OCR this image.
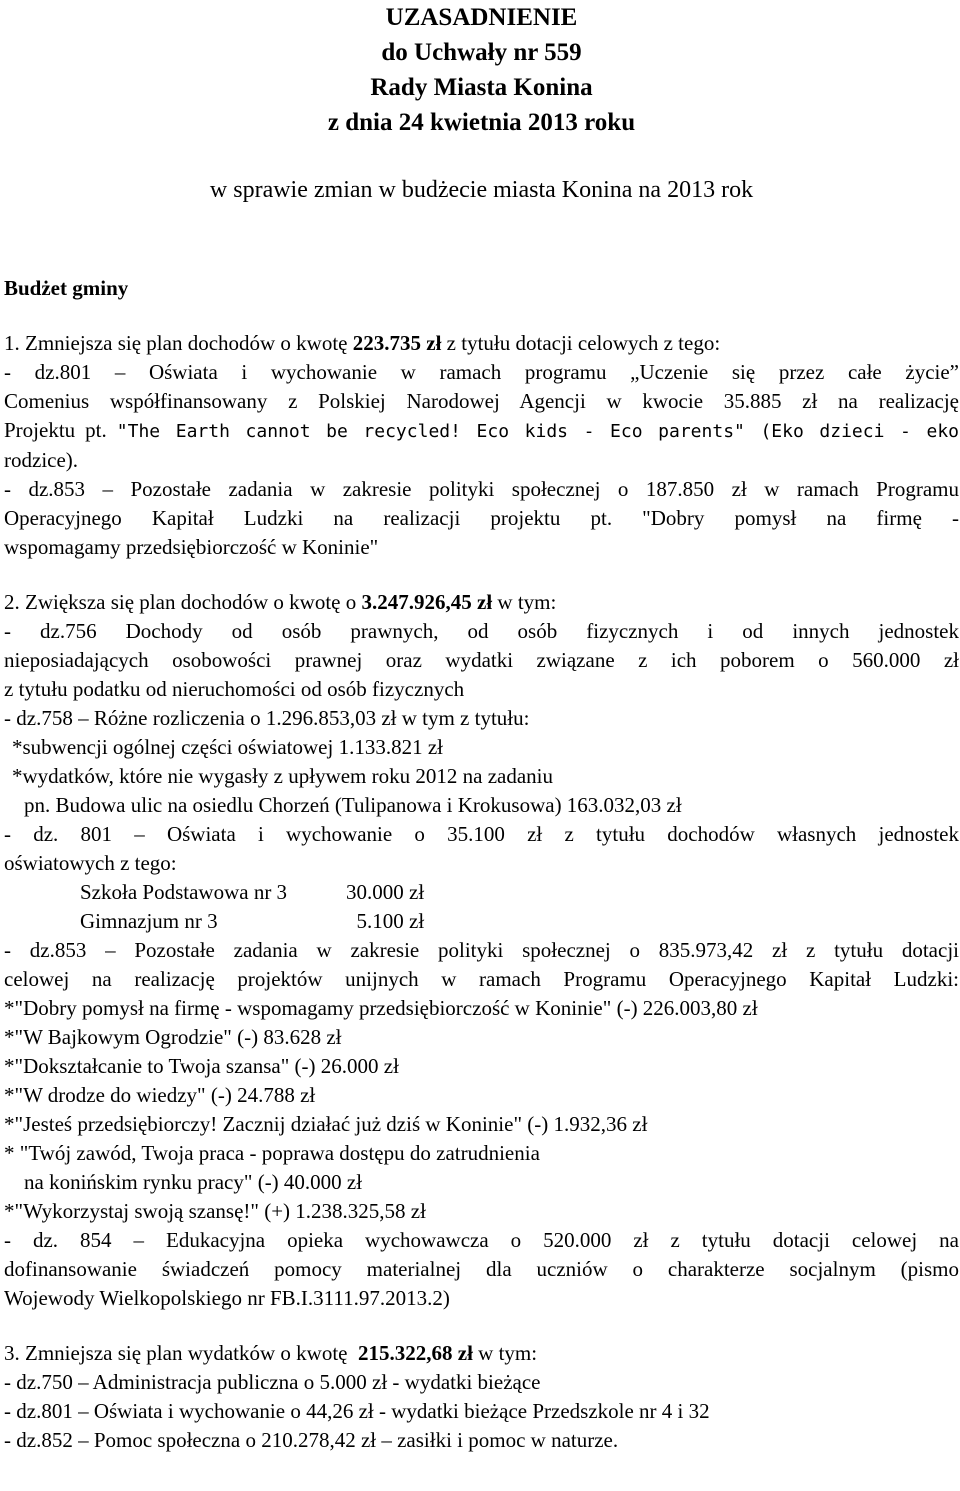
UZASADNIENIE
do Uchwały nr 559
Rady Miasta Konina
z dnia 24 kwietnia 2013 roku
w sprawie zmian w budżecie miasta Konina na 2013 rok
Budżet gminy
1. Zmniejsza się plan dochodów o kwotę 223.735 zł z tytułu dotacji celowych z tego:
- dz.801 – Oświata i wychowanie w ramach programu „Uczenie się przez całe życie”
Comenius współfinansowany z Polskiej Narodowej Agencji w kwocie 35.885 zł na realizację
Projektu pt. "The Earth cannot be recycled! Eco kids - Eco parents" (Eko dzieci - eko
rodzice).
- dz.853 – Pozostałe zadania w zakresie polityki społecznej o 187.850 zł w ramach Programu
Operacyjnego Kapitał Ludzki na realizacji projektu pt. "Dobry pomysł na firmę -
wspomagamy przedsiębiorczość w Koninie"
2. Zwiększa się plan dochodów o kwotę o 3.247.926,45 zł w tym:
- dz.756 Dochody od osób prawnych, od osób fizycznych i od innych jednostek
nieposiadających osobowości prawnej oraz wydatki związane z ich poborem o 560.000 zł
z tytułu podatku od nieruchomości od osób fizycznych
- dz.758 – Różne rozliczenia o 1.296.853,03 zł w tym z tytułu:
*subwencji ogólnej części oświatowej 1.133.821 zł
*wydatków, które nie wygasły z upływem roku 2012 na zadaniu
pn. Budowa ulic na osiedlu Chorzeń (Tulipanowa i Krokusowa) 163.032,03 zł
- dz. 801 – Oświata i wychowanie o 35.100 zł z tytułu dochodów własnych jednostek
oświatowych z tego:
Szkoła Podstawowa nr 3	30.000 zł
Gimnazjum nr 3	5.100 zł
- dz.853 – Pozostałe zadania w zakresie polityki społecznej o 835.973,42 zł z tytułu dotacji
celowej na realizację projektów unijnych w ramach Programu Operacyjnego Kapitał Ludzki:
*"Dobry pomysł na firmę - wspomagamy przedsiębiorczość w Koninie" (-) 226.003,80 zł
*"W Bajkowym Ogrodzie" (-) 83.628 zł
*"Dokształcanie to Twoja szansa" (-) 26.000 zł
*"W drodze do wiedzy" (-) 24.788 zł
*"Jesteś przedsiębiorczy! Zacznij działać już dziś w Koninie" (-) 1.932,36 zł
* "Twój zawód, Twoja praca - poprawa dostępu do zatrudnienia
na konińskim rynku pracy" (-) 40.000 zł
*"Wykorzystaj swoją szansę!" (+) 1.238.325,58 zł
- dz. 854 – Edukacyjna opieka wychowawcza o 520.000 zł z tytułu dotacji celowej na
dofinansowanie świadczeń pomocy materialnej dla uczniów o charakterze socjalnym (pismo
Wojewody Wielkopolskiego nr FB.I.3111.97.2013.2)
3. Zmniejsza się plan wydatków o kwotę  215.322,68 zł w tym:
- dz.750 – Administracja publiczna o 5.000 zł - wydatki bieżące
- dz.801 – Oświata i wychowanie o 44,26 zł - wydatki bieżące Przedszkole nr 4 i 32
- dz.852 – Pomoc społeczna o 210.278,42 zł – zasiłki i pomoc w naturze.
